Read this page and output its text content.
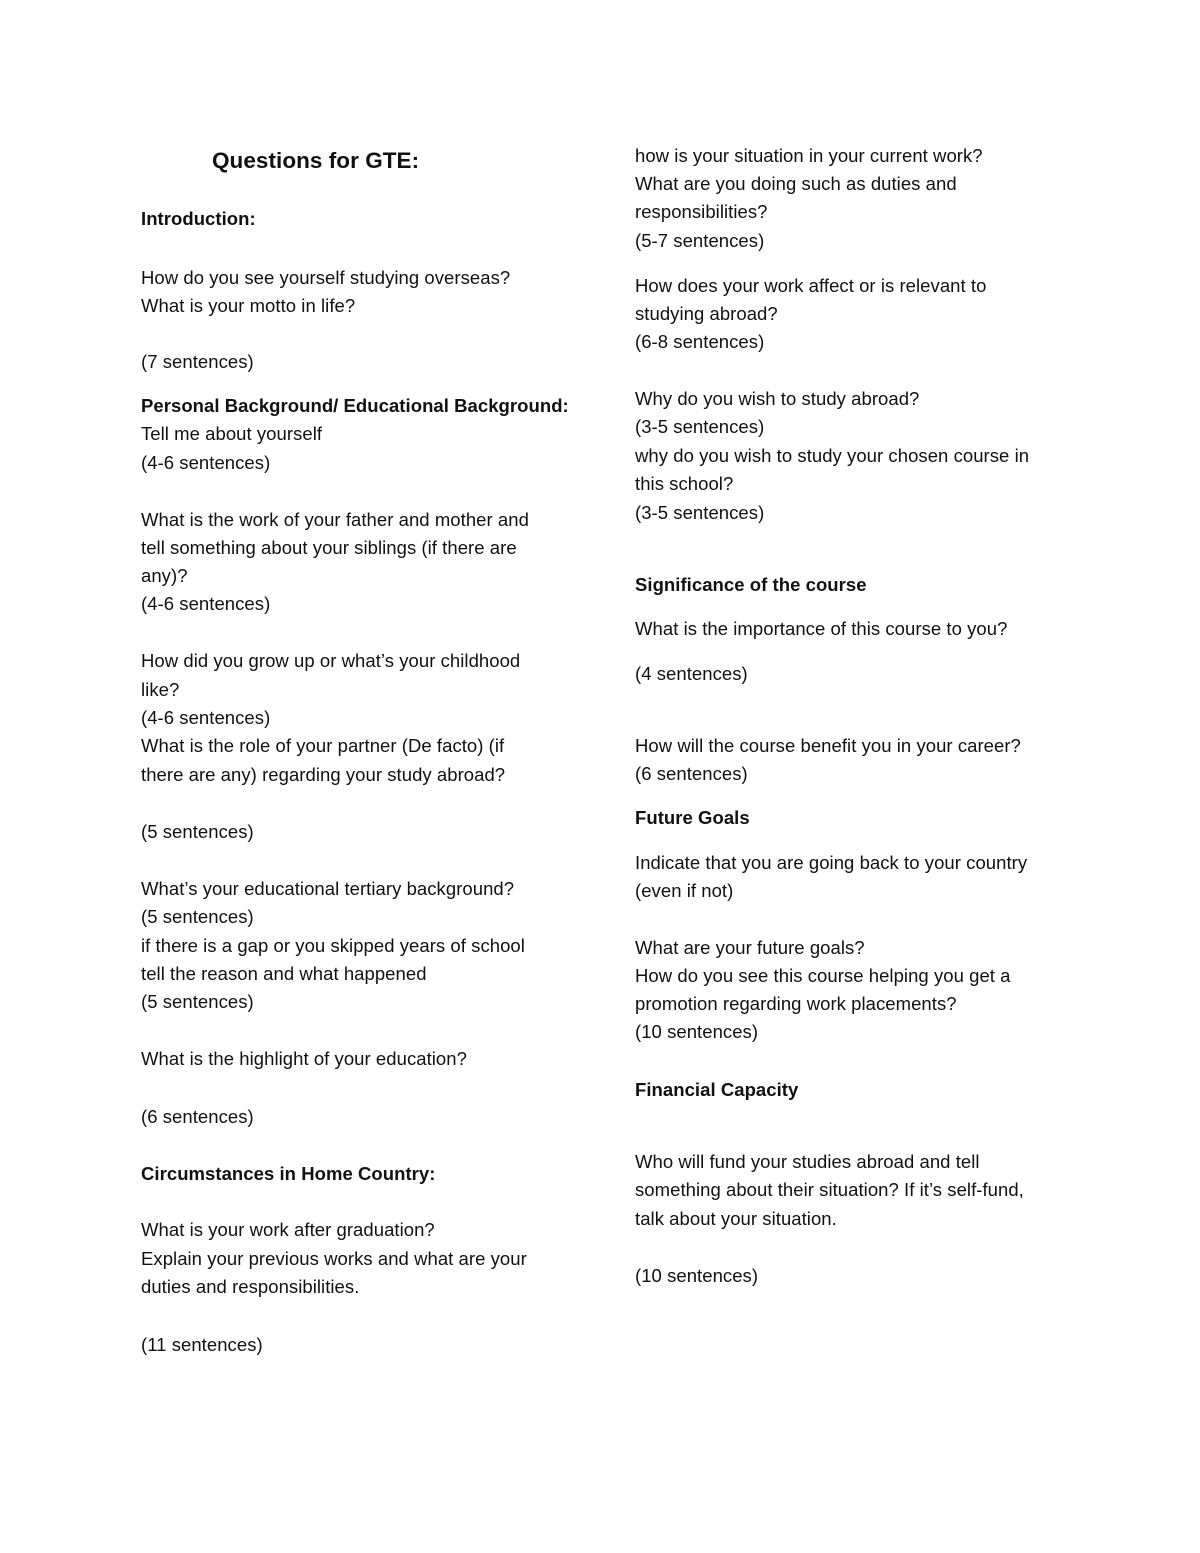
Questions for GTE:

Introduction:

How do you see yourself studying overseas?

What is your motto in life?

(7 sentences)

Personal Background/ Educational Background:

Tell me about yourself

(4-6 sentences)

What is the work of your father and mother and

tell something about your siblings (if there are

any)?

(4-6 sentences)

How did you grow up or what’s your childhood

like?

(4-6 sentences)

What is the role of your partner (De facto) (if

there are any) regarding your study abroad?

(5 sentences)

What’s your educational tertiary background?

(5 sentences)

if there is a gap or you skipped years of school

tell the reason and what happened

(5 sentences)

What is the highlight of your education?

(6 sentences)

Circumstances in Home Country:

What is your work after graduation?

Explain your previous works and what are your

duties and responsibilities.

(11 sentences)

how is your situation in your current work?

What are you doing such as duties and

responsibilities?

(5-7 sentences)

How does your work affect or is relevant to

studying abroad?

(6-8 sentences)

Why do you wish to study abroad?

(3-5 sentences)

why do you wish to study your chosen course in

this school?

(3-5 sentences)

Significance of the course

What is the importance of this course to you?

(4 sentences)

How will the course benefit you in your career?

(6 sentences)

Future Goals

Indicate that you are going back to your country

(even if not)

What are your future goals?

How do you see this course helping you get a

promotion regarding work placements?

(10 sentences)

Financial Capacity

Who will fund your studies abroad and tell

something about their situation? If it’s self-fund,

talk about your situation.

(10 sentences)
